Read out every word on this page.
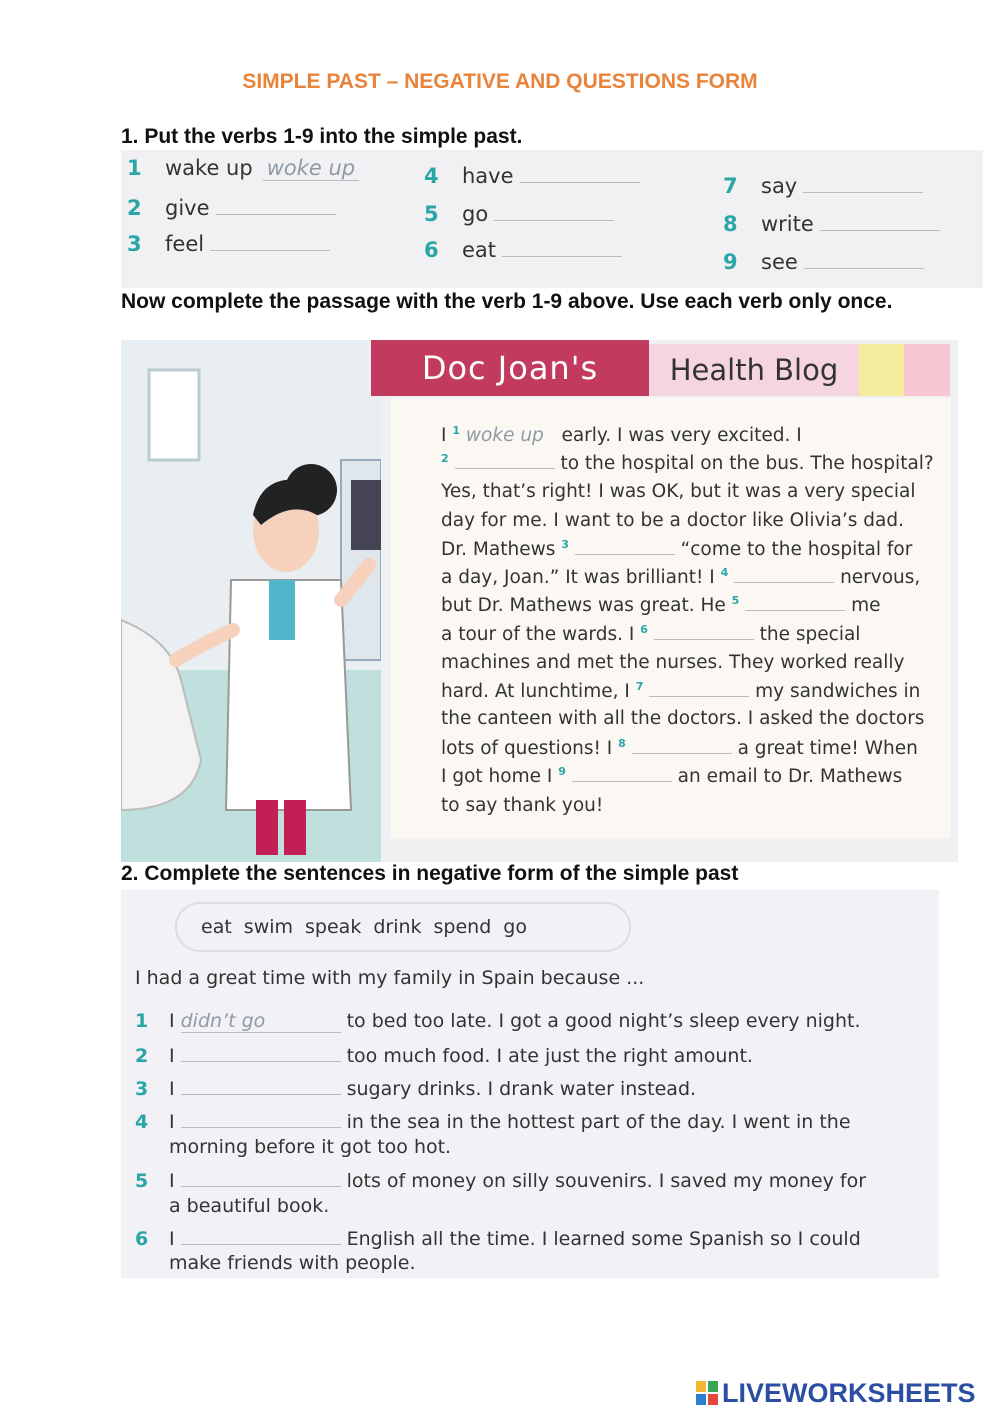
SIMPLE PAST – NEGATIVE AND QUESTIONS FORM
1. Put the verbs 1-9 into the simple past.
1 wake up woke up
2 give
3 feel
4 have
5 go
6 eat
7 say
8 write
9 see
Now complete the passage with the verb 1-9 above. Use each verb only once.
Doc Joan's	Health Blog
I $^1$ woke up early. I was very excited. I
$^2$	to the hospital on the bus. The hospital?
Yes, that’s right! I was OK, but it was a very special
day for me. I want to be a doctor like Olivia’s dad.
Dr. Mathews $^3$	“come to the hospital for
a day, Joan.” It was brilliant! I $^4$	nervous,
but Dr. Mathews was great. He $^5$	me
a tour of the wards. I $^6$	the special
machines and met the nurses. They worked really
hard. At lunchtime, I $^7$	my sandwiches in
the canteen with all the doctors. I asked the doctors
lots of questions! I $^8$	a great time! When
I got home I $^9$	an email to Dr. Mathews
to say thank you!
2. Complete the sentences in negative form of the simple past
eat swim speak drink spend go
I had a great time with my family in Spain because ...
1 I didn’t go	to bed too late. I got a good night’s sleep every night.
2 I	too much food. I ate just the right amount.
3 I	sugary drinks. I drank water instead.
4 I	in the sea in the hottest part of the day. I went in the
morning before it got too hot.
5 I	lots of money on silly souvenirs. I saved my money for
a beautiful book.
6 I	English all the time. I learned some Spanish so I could
make friends with people.
LIVEWORKSHEETS
